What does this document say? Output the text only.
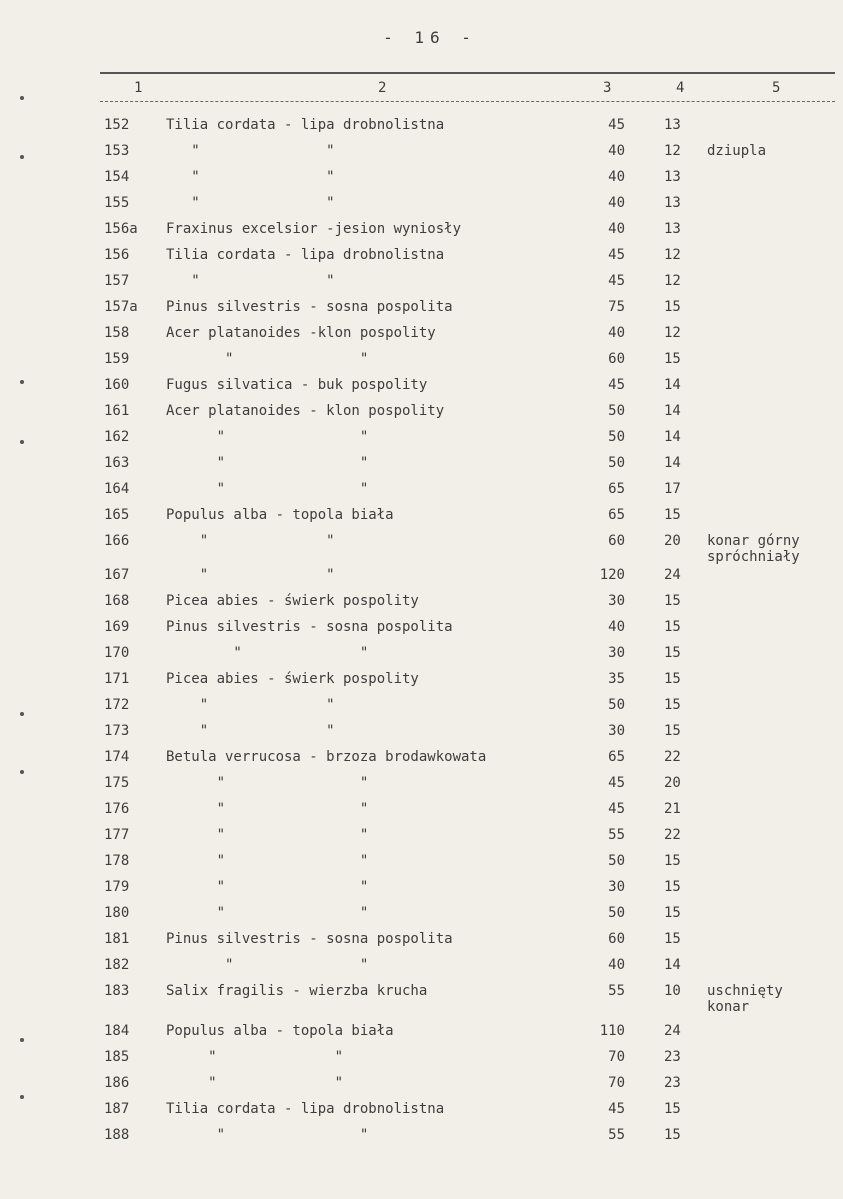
- 16 -
1	2	3	4	5
152	Tilia cordata - lipa drobnolistna	45	13
153	"               "	40	12	dziupla
154	"               "	40	13
155	"               "	40	13
156a Fraxinus excelsior -jesion wyniosły	40	13
156	Tilia cordata - lipa drobnolistna	45	12
157	"               "	45	12
157a Pinus silvestris - sosna pospolita	75	15
158	Acer platanoides -klon pospolity	40	12
159	"               "	60	15
160	Fugus silvatica - buk pospolity	45	14
161	Acer platanoides - klon pospolity	50	14
162	"                "	50	14
163	"                "	50	14
164	"                "	65	17
165	Populus alba - topola biała	65	15
166	"              "	60	20	konar górny
spróchniały
167	"              "	120	24
168	Picea abies - świerk pospolity	30	15
169	Pinus silvestris - sosna pospolita	40	15
170	"              "	30	15
171	Picea abies - świerk pospolity	35	15
172	"              "	50	15
173	"              "	30	15
174	Betula verrucosa - brzoza brodawkowata	65	22
175	"                "	45	20
176	"                "	45	21
177	"                "	55	22
178	"                "	50	15
179	"                "	30	15
180	"                "	50	15
181	Pinus silvestris - sosna pospolita	60	15
182	"               "	40	14
183	Salix fragilis - wierzba krucha	55	10	uschnięty
konar
184	Populus alba - topola biała	110	24
185	"              "	70	23
186	"              "	70	23
187	Tilia cordata - lipa drobnolistna	45	15
188	"                "	55	15
